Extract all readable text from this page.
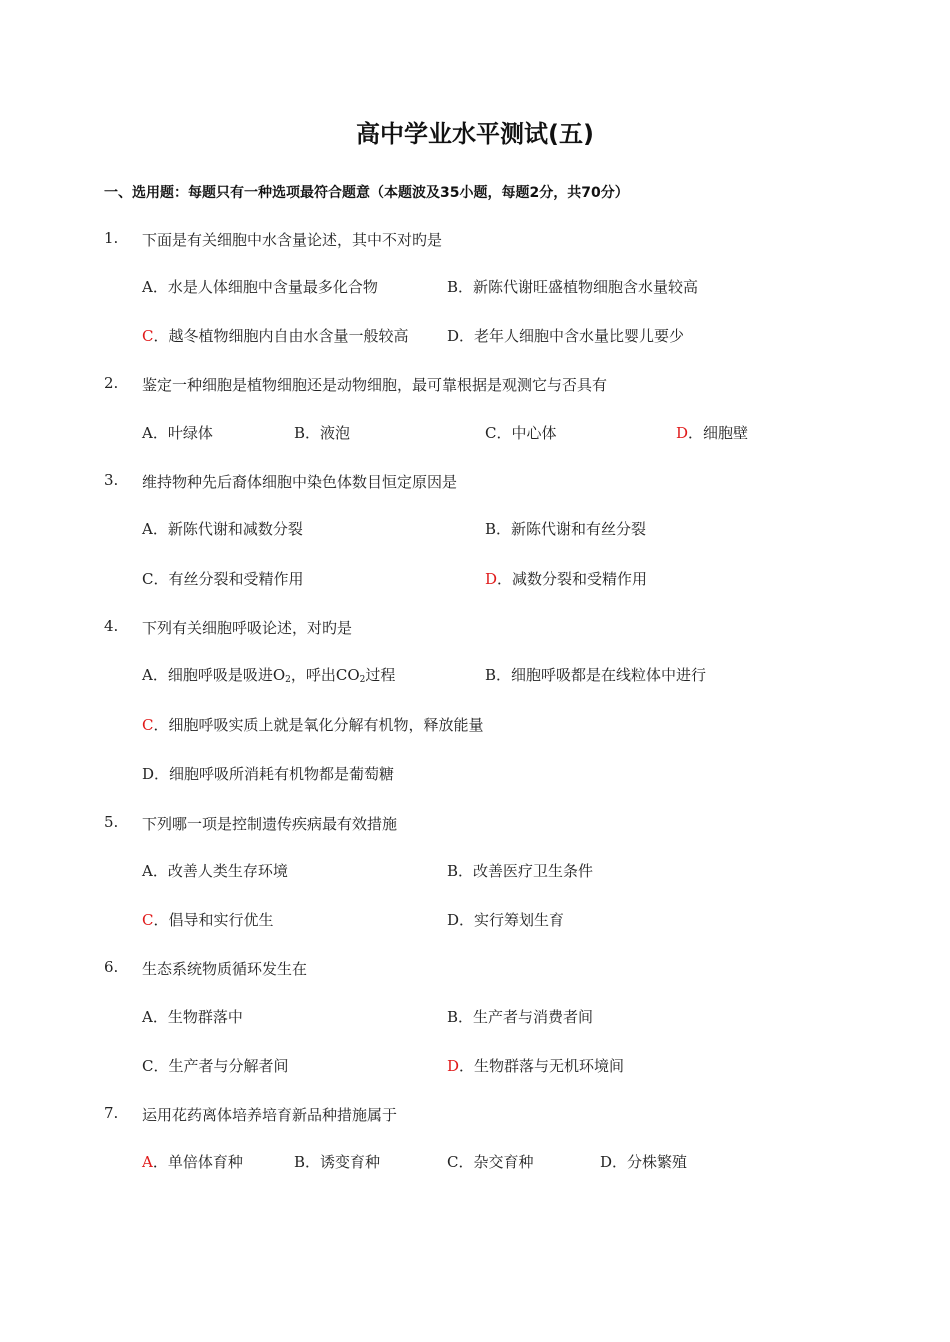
高中学业水平测试(五)
一、选用题：每题只有一种选项最符合题意（本题波及35小题，每题2分，共70分）
1. 下面是有关细胞中水含量论述，其中不对旳是
A．水是人体细胞中含量最多化合物	B．新陈代谢旺盛植物细胞含水量较高
C．越冬植物细胞内自由水含量一般较高	D．老年人细胞中含水量比婴儿要少
2. 鉴定一种细胞是植物细胞还是动物细胞，最可靠根据是观测它与否具有
A．叶绿体	B．液泡	C．中心体	D．细胞壁
3. 维持物种先后裔体细胞中染色体数目恒定原因是
A．新陈代谢和减数分裂	B．新陈代谢和有丝分裂
C．有丝分裂和受精作用	D．减数分裂和受精作用
4. 下列有关细胞呼吸论述，对旳是
A．细胞呼吸是吸进$O_2$，呼出$CO_2$过程	B．细胞呼吸都是在线粒体中进行
C．细胞呼吸实质上就是氧化分解有机物，释放能量
D．细胞呼吸所消耗有机物都是葡萄糖
5. 下列哪一项是控制遗传疾病最有效措施
A．改善人类生存环境	B．改善医疗卫生条件
C．倡导和实行优生	D．实行筹划生育
6. 生态系统物质循环发生在
A．生物群落中	B．生产者与消费者间
C．生产者与分解者间	D．生物群落与无机环境间
7. 运用花药离体培养培育新品种措施属于
A．单倍体育种	B．诱变育种	C．杂交育种	D．分株繁殖
